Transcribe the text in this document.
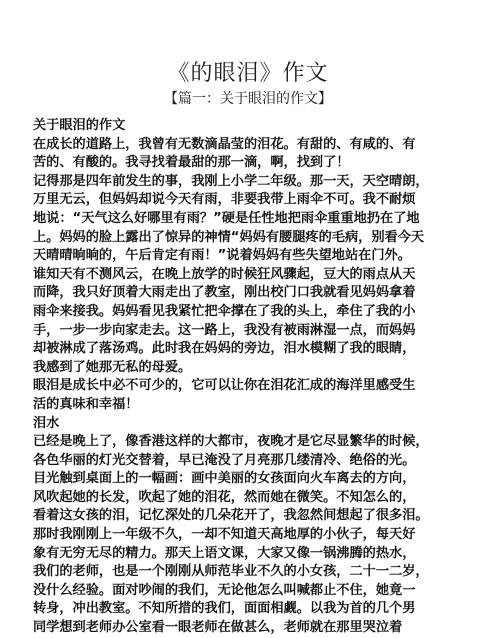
《的眼泪》作文
【篇一：关于眼泪的作文】
关于眼泪的作文
在成长的道路上，我曾有无数滴晶莹的泪花。有甜的、有咸的、有
苦的、有酸的。我寻找着最甜的那一滴，啊，找到了！
记得那是四年前发生的事，我刚上小学二年级。那一天，天空晴朗，
万里无云，但妈妈却说今天有雨，非要我带上雨伞不可。我不耐烦
地说：“天气这么好哪里有雨？”硬是任性地把雨伞重重地扔在了地
上。妈妈的脸上露出了惊异的神情“妈妈有腰腿疼的毛病，别看今天
天晴晴晌晌的，午后肯定有雨！”说着妈妈有些失望地站在门外。
谁知天有不测风云，在晚上放学的时候狂风骤起，豆大的雨点从天
而降，我只好顶着大雨走出了教室，刚出校门口我就看见妈妈拿着
雨伞来接我。妈妈看见我紧忙把伞撑在了我的头上，牵住了我的小
手，一步一步向家走去。这一路上，我没有被雨淋湿一点，而妈妈
却被淋成了落汤鸡。此时我在妈妈的旁边，泪水模糊了我的眼睛，
我感到了她那无私的母爱。
眼泪是成长中必不可少的，它可以让你在泪花汇成的海洋里感受生
活的真味和幸福！
泪水
已经是晚上了，像香港这样的大都市，夜晚才是它尽显繁华的时候，
各色华丽的灯光交替着，早已淹没了月亮那几缕清冷、绝俗的光。
目光触到桌面上的一幅画：画中美丽的女孩面向火车离去的方向，
风吹起她的长发，吹起了她的泪花，然而她在微笑。不知怎么的，
看着这女孩的泪，记忆深处的几朵花开了，我忽然间想起了很多泪。
那时我刚刚上一年级不久，一却不知道天高地厚的小伙子，每天好
象有无穷无尽的精力。那天上语文课，大家又像一锅沸腾的热水，
我们的老师，也是一个刚刚从师范毕业不久的小女孩，二十一二岁，
没什么经验。面对吵闹的我们，无论他怎么叫喊都止不住，她竟一
转身，冲出教室。不知所措的我们，面面相觑。以我为首的几个男
同学想到老师办公室看一眼老师在做甚么，老师就在那里哭泣着
